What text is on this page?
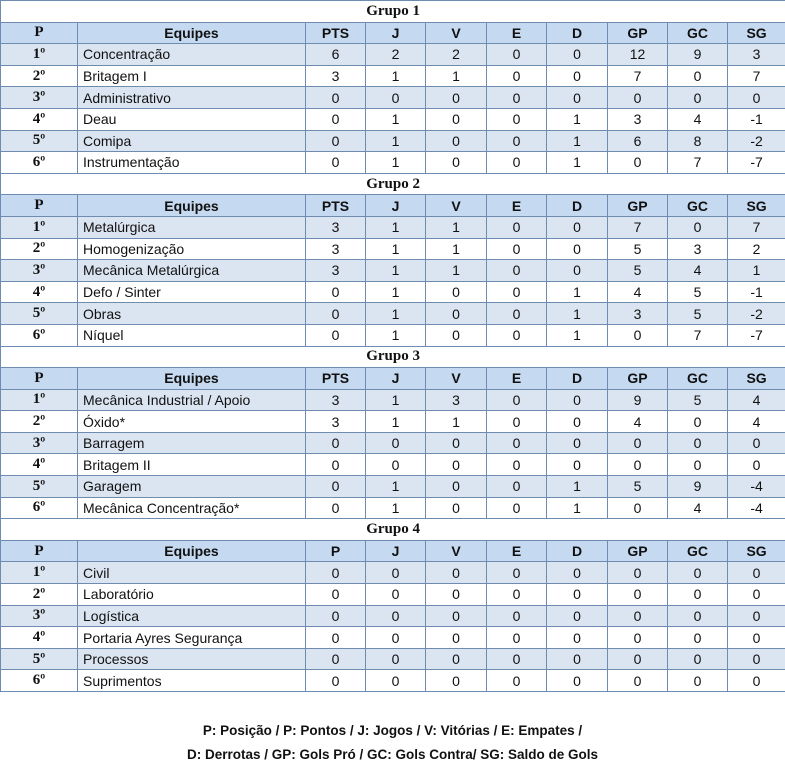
Grupo 1									
P	Equipes	PTS	J	V	E	D	GP	GC	SG
1º	Concentração	6	2	2	0	0	12	9	3
2º	Britagem I	3	1	1	0	0	7	0	7
3º	Administrativo	0	0	0	0	0	0	0	0
4º	Deau	0	1	0	0	1	3	4	-1
5º	Comipa	0	1	0	0	1	6	8	-2
6º	Instrumentação	0	1	0	0	1	0	7	-7
Grupo 2									
P	Equipes	PTS	J	V	E	D	GP	GC	SG
1º	Metalúrgica	3	1	1	0	0	7	0	7
2º	Homogenização	3	1	1	0	0	5	3	2
3º	Mecânica Metalúrgica	3	1	1	0	0	5	4	1
4º	Defo / Sinter	0	1	0	0	1	4	5	-1
5º	Obras	0	1	0	0	1	3	5	-2
6º	Níquel	0	1	0	0	1	0	7	-7
Grupo 3									
P	Equipes	PTS	J	V	E	D	GP	GC	SG
1º	Mecânica Industrial / Apoio	3	1	3	0	0	9	5	4
2º	Óxido*	3	1	1	0	0	4	0	4
3º	Barragem	0	0	0	0	0	0	0	0
4º	Britagem II	0	0	0	0	0	0	0	0
5º	Garagem	0	1	0	0	1	5	9	-4
6º	Mecânica Concentração*	0	1	0	0	1	0	4	-4
Grupo 4									
P	Equipes	P	J	V	E	D	GP	GC	SG
1º	Civil	0	0	0	0	0	0	0	0
2º	Laboratório	0	0	0	0	0	0	0	0
3º	Logística	0	0	0	0	0	0	0	0
4º	Portaria Ayres Segurança	0	0	0	0	0	0	0	0
5º	Processos	0	0	0	0	0	0	0	0
6º	Suprimentos	0	0	0	0	0	0	0	0
P: Posição / P: Pontos / J: Jogos / V: Vitórias / E: Empates /
D: Derrotas / GP: Gols Pró / GC: Gols Contra/ SG: Saldo de Gols
